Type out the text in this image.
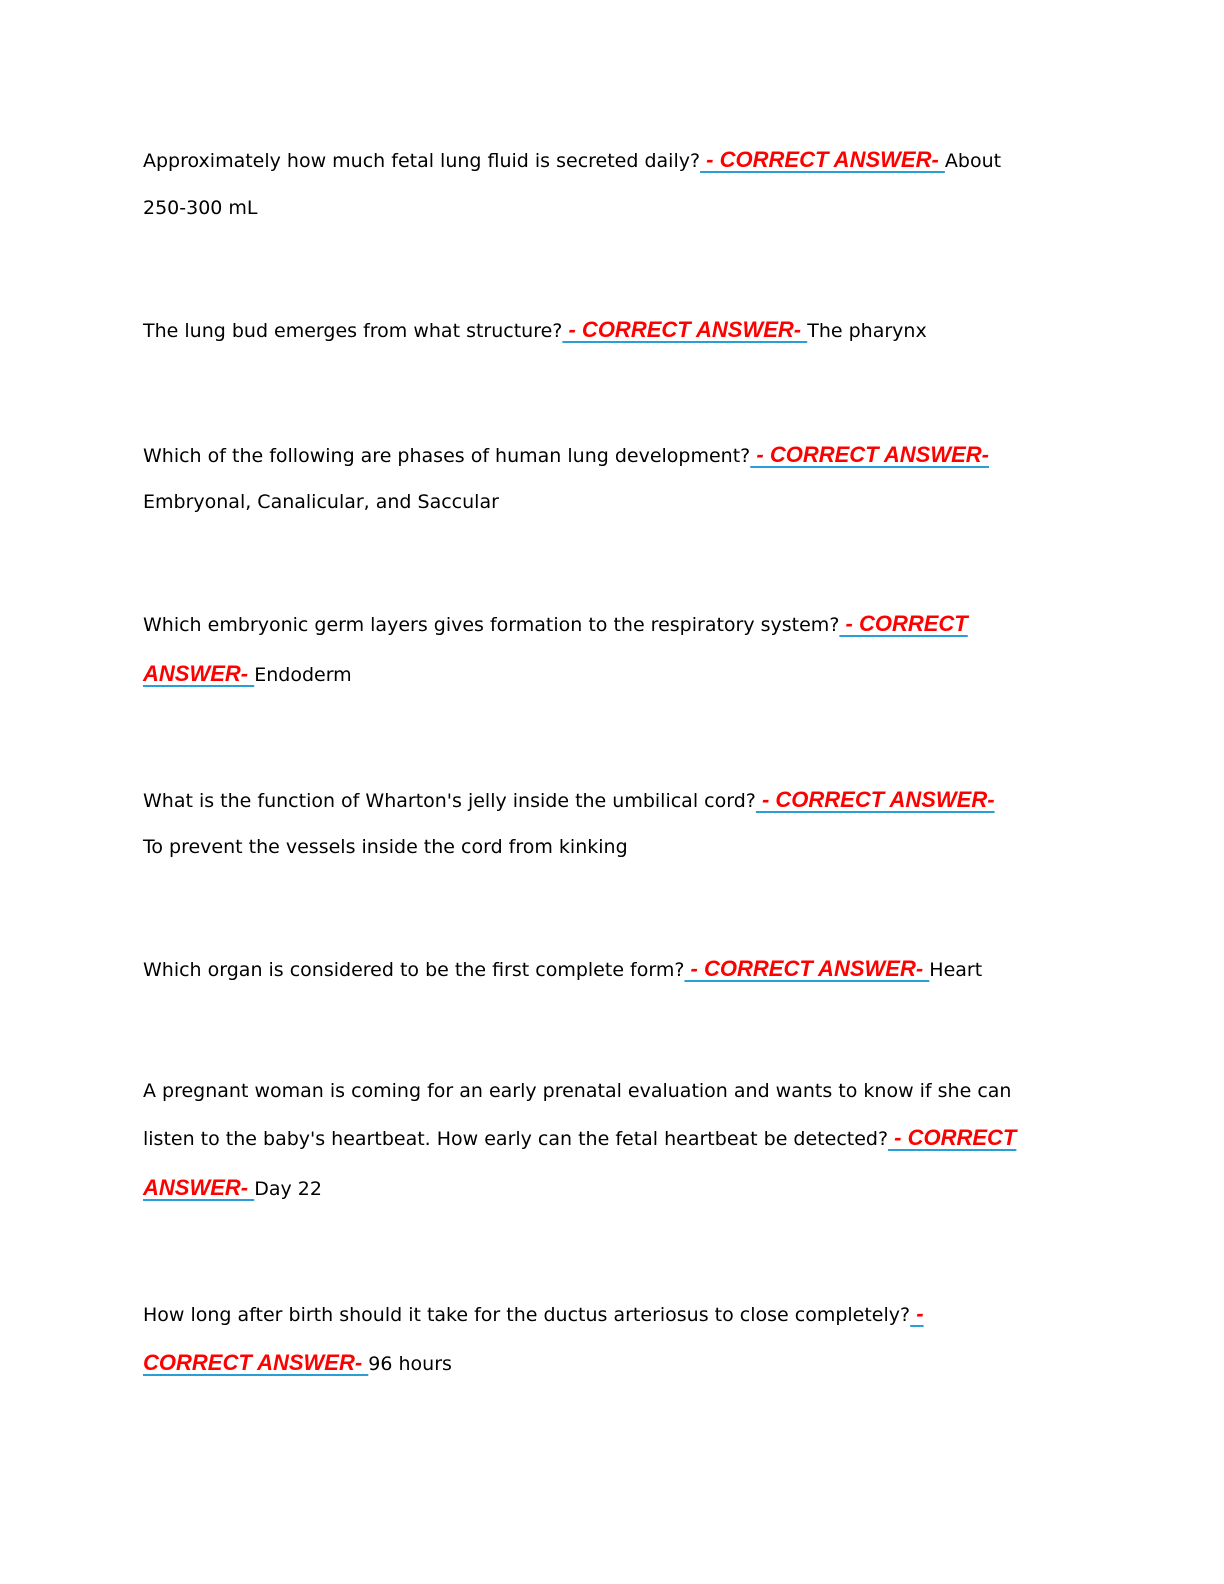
Approximately how much fetal lung fluid is secreted daily? - CORRECT ANSWER- About
250-300 mL
The lung bud emerges from what structure? - CORRECT ANSWER- The pharynx
Which of the following are phases of human lung development? - CORRECT ANSWER-
Embryonal, Canalicular, and Saccular
Which embryonic germ layers gives formation to the respiratory system? - CORRECT
ANSWER- Endoderm
What is the function of Wharton's jelly inside the umbilical cord? - CORRECT ANSWER-
To prevent the vessels inside the cord from kinking
Which organ is considered to be the first complete form? - CORRECT ANSWER- Heart
A pregnant woman is coming for an early prenatal evaluation and wants to know if she can
listen to the baby's heartbeat. How early can the fetal heartbeat be detected? - CORRECT
ANSWER- Day 22
How long after birth should it take for the ductus arteriosus to close completely? -
CORRECT ANSWER- 96 hours
